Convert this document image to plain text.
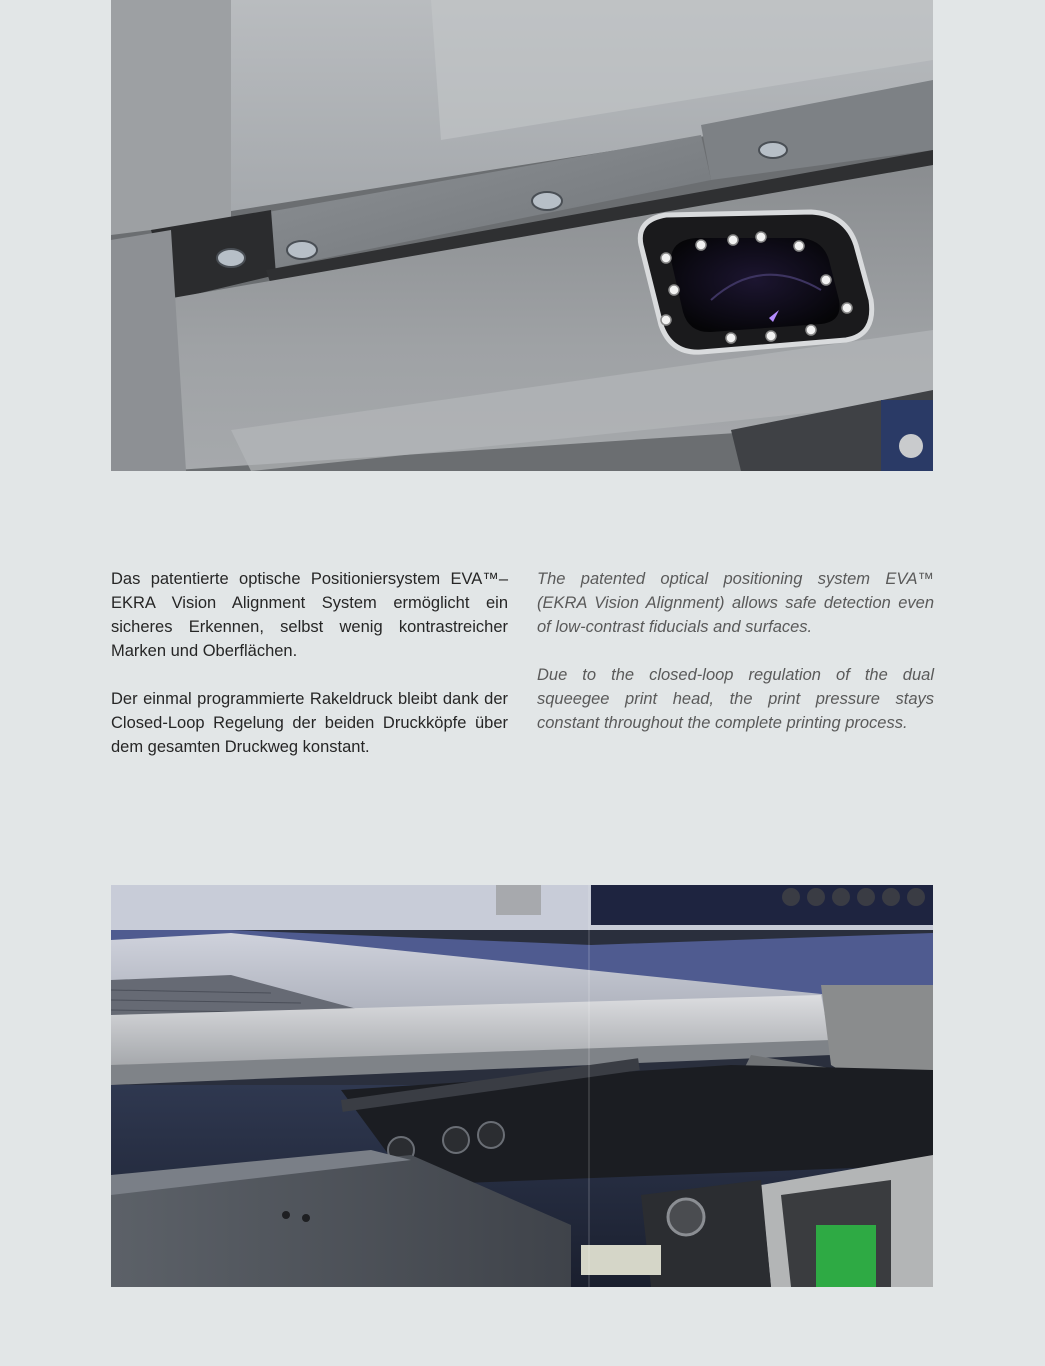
Das patentierte optische Positioniersystem EVA™– EKRA Vision Alignment System ermöglicht ein sicheres Erkennen, selbst wenig kontrastreicher Marken und Oberflächen.

Der einmal programmierte Rakeldruck bleibt dank der Closed-Loop Regelung der beiden Druckköpfe über dem gesamten Druckweg konstant.

The patented optical positioning system EVA™ (EKRA Vision Alignment) allows safe detection even of low-contrast fiducials and surfaces.

Due to the closed-loop regulation of the dual squeegee print head, the print pressure stays constant throughout the complete printing process.
